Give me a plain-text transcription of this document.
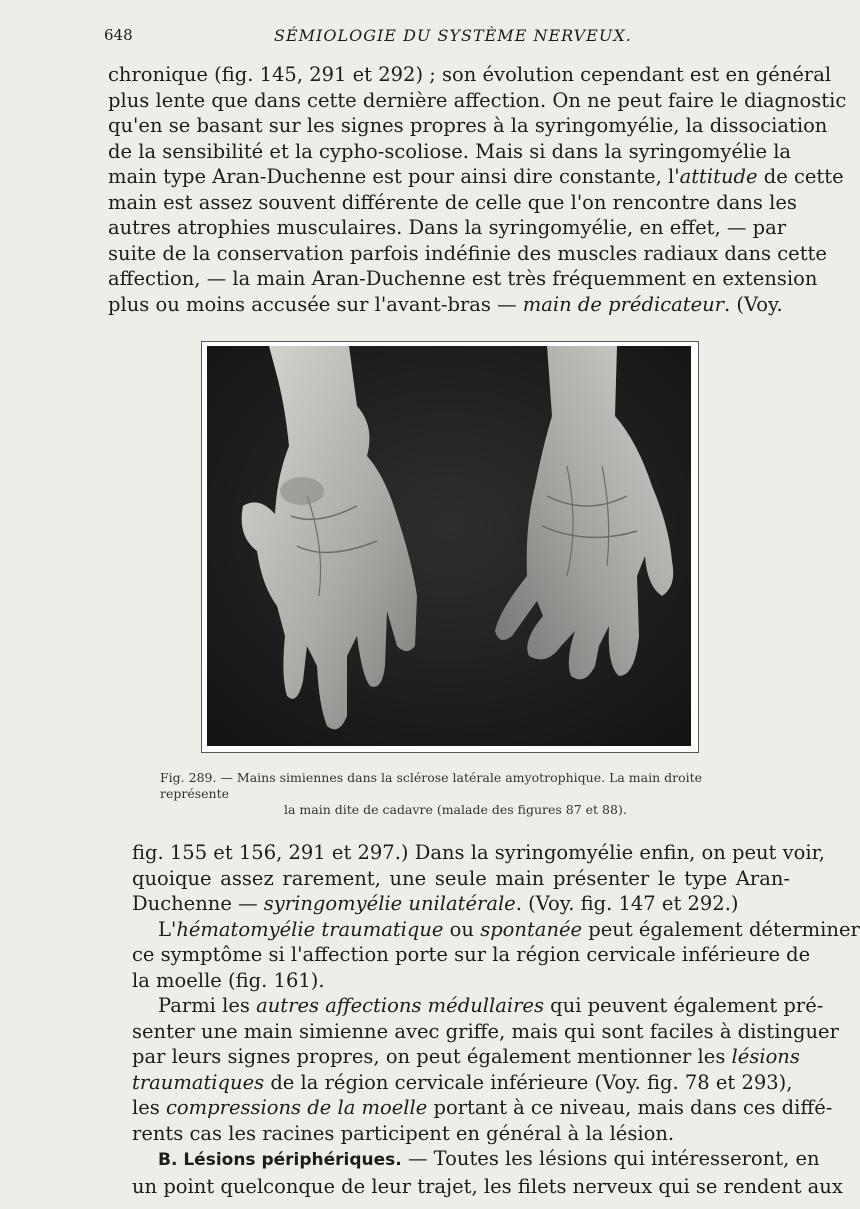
648	SÉMIOLOGIE DU SYSTÈME NERVEUX.

chronique (fig. 145, 291 et 292) ; son évolution cependant est en général
plus lente que dans cette dernière affection. On ne peut faire le diagnostic
qu'en se basant sur les signes propres à la syringomyélie, la dissociation
de la sensibilité et la cypho-scoliose. Mais si dans la syringomyélie la
main type Aran-Duchenne est pour ainsi dire constante, l'attitude de cette
main est assez souvent différente de celle que l'on rencontre dans les
autres atrophies musculaires. Dans la syringomyélie, en effet, — par
suite de la conservation parfois indéfinie des muscles radiaux dans cette
affection, — la main Aran-Duchenne est très fréquemment en extension
plus ou moins accusée sur l'avant-bras — main de prédicateur. (Voy.

Fig. 289. — Mains simiennes dans la sclérose latérale amyotrophique. La main droite représente
la main dite de cadavre (malade des figures 87 et 88).

fig. 155 et 156, 291 et 297.) Dans la syringomyélie enfin, on peut voir,
quoique assez rarement, une seule main présenter le type Aran-
Duchenne — syringomyélie unilatérale. (Voy. fig. 147 et 292.)
L'hématomyélie traumatique ou spontanée peut également déterminer
ce symptôme si l'affection porte sur la région cervicale inférieure de
la moelle (fig. 161).
Parmi les autres affections médullaires qui peuvent également pré-
senter une main simienne avec griffe, mais qui sont faciles à distinguer
par leurs signes propres, on peut également mentionner les lésions
traumatiques de la région cervicale inférieure (Voy. fig. 78 et 293),
les compressions de la moelle portant à ce niveau, mais dans ces diffé-
rents cas les racines participent en général à la lésion.
B. Lésions périphériques. — Toutes les lésions qui intéresseront, en
un point quelconque de leur trajet, les filets nerveux qui se rendent aux
